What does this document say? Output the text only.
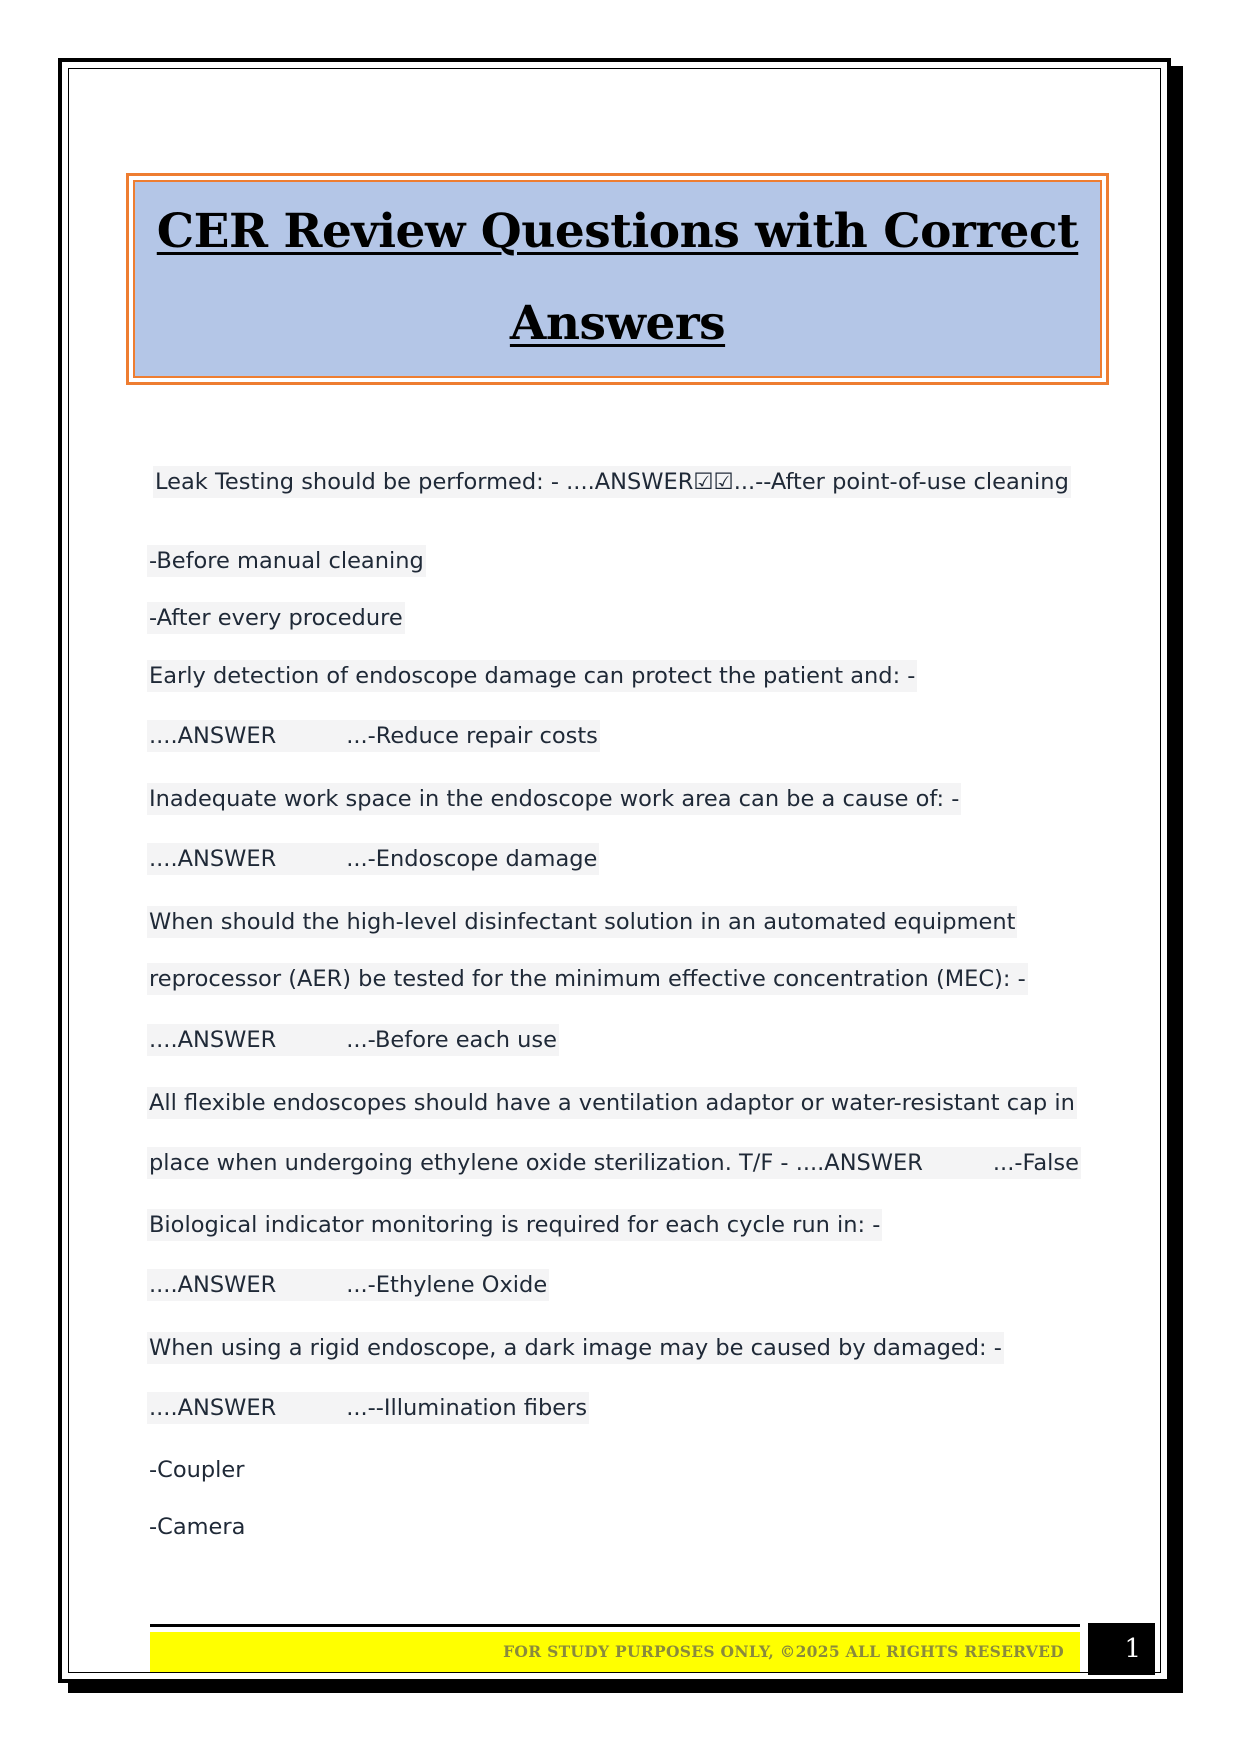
CER Review Questions with Correct
Answers
Leak Testing should be performed: - ....ANSWER☑☑...--After point-of-use cleaning
-Before manual cleaning
-After every procedure
Early detection of endoscope damage can protect the patient and: -
....ANSWER	...-Reduce repair costs
Inadequate work space in the endoscope work area can be a cause of: -
....ANSWER	...-Endoscope damage
When should the high-level disinfectant solution in an automated equipment
reprocessor (AER) be tested for the minimum effective concentration (MEC): -
....ANSWER	...-Before each use
All flexible endoscopes should have a ventilation adaptor or water-resistant cap in
place when undergoing ethylene oxide sterilization. T/F - ....ANSWER	...-False
Biological indicator monitoring is required for each cycle run in: -
....ANSWER	...-Ethylene Oxide
When using a rigid endoscope, a dark image may be caused by damaged: -
....ANSWER	...--Illumination fibers
-Coupler
-Camera
FOR STUDY PURPOSES ONLY, ©2025 ALL RIGHTS RESERVED	1
